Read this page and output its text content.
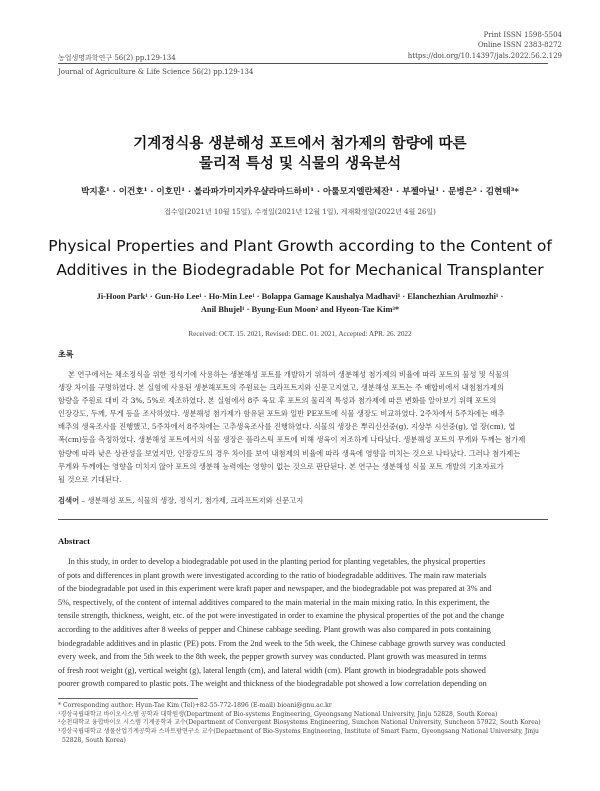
Print ISSN 1598-5504
Online ISSN 2383-8272
농업생명과학연구 56(2) pp.129-134	https://doi.org/10.14397/jals.2022.56.2.129
Journal of Agriculture & Life Science 56(2) pp.129-134
기계정식용 생분해성 포트에서 첨가제의 함량에 따른
물리적 특성 및 식물의 생육분석
박지훈¹ · 이건호¹ · 이호민¹ · 볼라파가미지카우샬라마드하비¹ · 아룰모지엘란체잔¹ · 부젤아닐¹ · 문병은² · 김현태³*
접수일(2021년 10월 15일), 수정일(2021년 12월 1일), 게재확정일(2022년 4월 26일)
Physical Properties and Plant Growth according to the Content of
Additives in the Biodegradable Pot for Mechanical Transplanter
Ji-Hoon Park¹ · Gun-Ho Lee¹ · Ho-Min Lee¹ · Bolappa Gamage Kaushalya Madhavi¹ · Elanchezhian Arulmozhi¹ ·
Anil Bhujel¹ · Byung-Eun Moon² and Hyeon-Tae Kim³*
Received: OCT. 15. 2021, Revised: DEC. 01. 2021, Accepted: APR. 26. 2022
초록
본 연구에서는 채소정식을 위한 정식기에 사용하는 생분해성 포트를 개발하기 위하여 생분해성 첨가제의 비율에 따라 포트의 물성 및 식물의
생장 차이를 구명하였다. 본 실험에 사용된 생분해포트의 주원료는 크라프트지와 신문고지였고, 생분해성 포트는 주 배합비에서 내첨첨가제의
함량을 주원료 대비 각 3%, 5%로 제조하였다. 본 실험에서 8주 육묘 후 포트의 물리적 특성과 첨가제에 따른 변화를 알아보기 위해 포트의
인장강도, 두께, 무게 등을 조사하였다. 생분해성 첨가제가 함유된 포트와 일반 PE포트에 식물 생장도 비교하였다. 2주차에서 5주차에는 배추
배추의 생육조사를 진행했고, 5주차에서 8주차에는 고추생육조사를 진행하였다. 식물의 생장은 뿌리신선중(g), 지상부 시선중(g), 엽 장(cm), 엽
폭(cm)등을 측정하였다. 생분해성 포트에서의 식물 생장은 플라스틱 포트에 비해 생육이 저조하게 나타났다. 생분해성 포트의 무게와 두께는 첨가제
함량에 따라 낮은 상관성을 보였지만, 인장강도의 경우 차이를 보여 내첨제의 비율에 따라 생육에 영향을 미치는 것으로 나타났다. 그러나 첨가제는
무게와 두께에는 영향을 미치지 않아 포트의 생분해 능력에는 영향이 없는 것으로 판단된다. 본 연구는 생분해성 식물 포트 개발의 기초자료가
될 것으로 기대된다.
검색어 – 생분해성 포트, 식물의 생장, 정식기, 첨가제, 크라프트지와 신문고지
Abstract
In this study, in order to develop a biodegradable pot used in the planting period for planting vegetables, the physical properties
of pots and differences in plant growth were investigated according to the ratio of biodegradable additives. The main raw materials
of the biodegradable pot used in this experiment were kraft paper and newspaper, and the biodegradable pot was prepared at 3% and
5%, respectively, of the content of internal additives compared to the main material in the main mixing ratio. In this experiment, the
tensile strength, thickness, weight, etc. of the pot were investigated in order to examine the physical properties of the pot and the change
according to the additives after 8 weeks of pepper and Chinese cabbage seeding. Plant growth was also compared in pots containing
biodegradable additives and in plastic (PE) pots. From the 2nd week to the 5th week, the Chinese cabbage growth survey was conducted
every week, and from the 5th week to the 8th week, the pepper growth survey was conducted. Plant growth was measured in terms
of fresh root weight (g), vertical weight (g), lateral length (cm), and lateral width (cm). Plant growth in biodegradable pots showed
poorer growth compared to plastic pots. The weight and thickness of the biodegradable pot showed a low correlation depending on
* Corresponding author: Hyun-Tae Kim (Tel)+82-55-772-1896 (E-mail) bioani@gnu.ac.kr
¹경상국립대학교 바이오시스템 공학과 대학원생(Department of Bio-systems Engineering, Gyeongsang National University, Jinju 52828, South Korea)
²순천대학교 융합바이오 시스템 기계공학과 교수(Department of Convergent Biosystems Engineering, Sunchon National University, Suncheon 57922, South Korea)
³경상국립대학교 생물산업기계공학과 스마트팜연구소 교수(Department of Bio-Systems Engineering, Institute of Smart Farm, Gyeongsang National University, Jinju
52828, South Korea)
